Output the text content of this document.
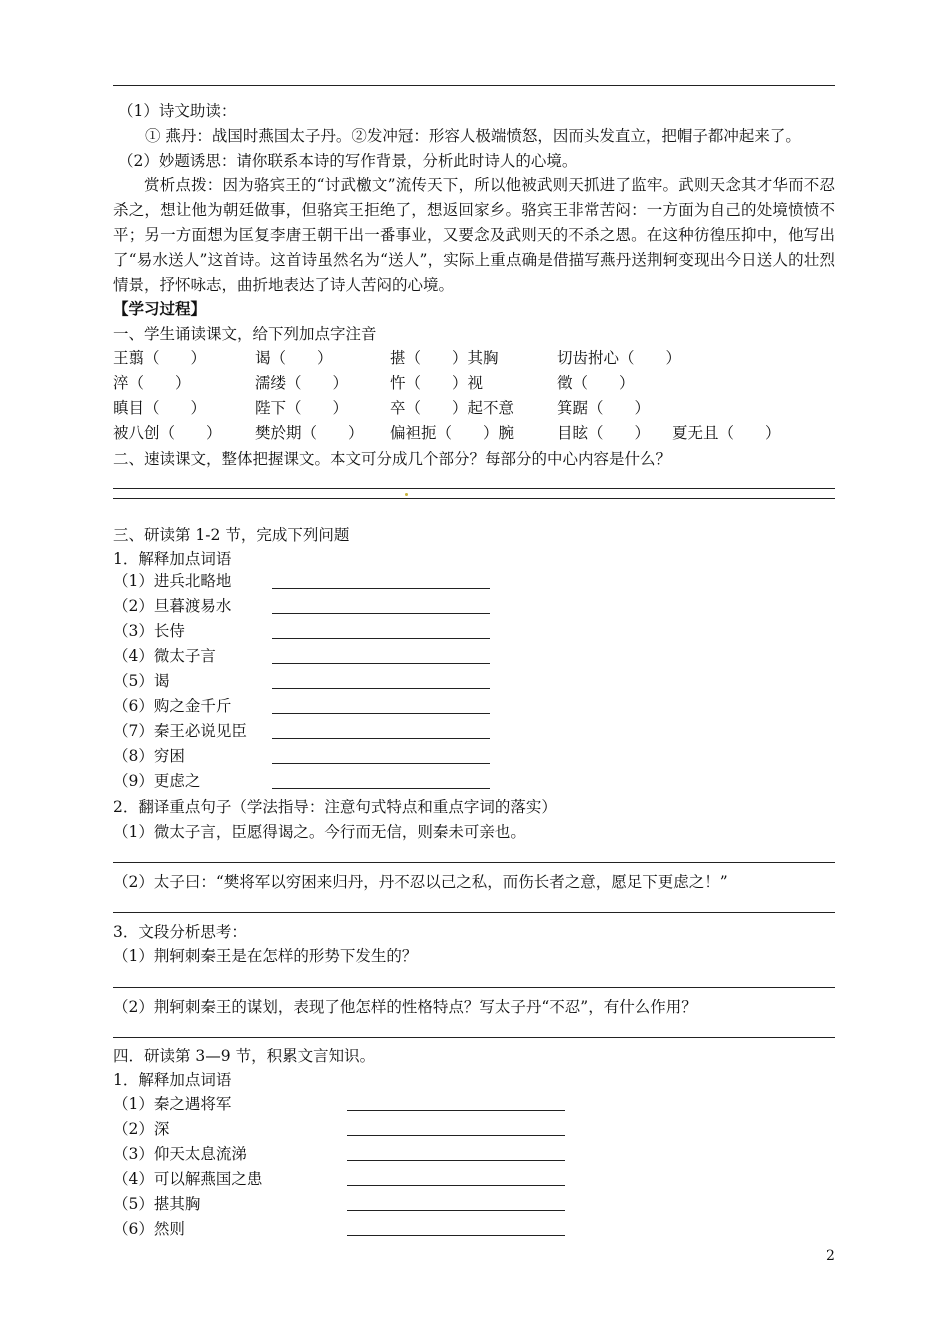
（1）诗文助读：
① 燕丹：战国时燕国太子丹。②发冲冠：形容人极端愤怒，因而头发直立，把帽子都冲起来了。
（2）妙题诱思：请你联系本诗的写作背景，分析此时诗人的心境。

赏析点拨：因为骆宾王的“讨武檄文”流传天下，所以他被武则天抓进了监牢。武则天念其才华而不忍杀之，想让他为朝廷做事，但骆宾王拒绝了，想返回家乡。骆宾王非常苦闷：一方面为自己的处境愤愤不平；另一方面想为匡复李唐王朝干出一番事业，又要念及武则天的不杀之恩。在这种彷徨压抑中，他写出了“易水送人”这首诗。这首诗虽然名为“送人”，实际上重点确是借描写燕丹送荆轲变现出今日送人的壮烈情景，抒怀咏志，曲折地表达了诗人苦闷的心境。

【学习过程】
一、学生诵读课文，给下列加点字注音
王翦（　　）	谒（　　）	揕（　　）其胸	切齿拊心（　　）
淬（　　）	濡缕（　　）	忤（　　）视	徵（　　）
瞋目（　　）	陛下（　　）	卒（　　）起不意	箕踞（　　）
被八创（　　） 樊於期（　　） 偏袒扼（　　）腕	目眩（　　） 夏无且（　　）
二、速读课文，整体把握课文。本文可分成几个部分？每部分的中心内容是什么？
三、研读第 1-2 节，完成下列问题
1．解释加点词语
（1）进兵北略地
（2）旦暮渡易水
（3）长侍
（4）微太子言
（5）谒
（6）购之金千斤
（7）秦王必说见臣
（8）穷困
（9）更虑之
2．翻译重点句子（学法指导：注意句式特点和重点字词的落实）
（1）微太子言，臣愿得谒之。今行而无信，则秦未可亲也。
（2）太子曰：“樊将军以穷困来归丹，丹不忍以己之私，而伤长者之意，愿足下更虑之！”
3．文段分析思考：
（1）荆轲刺秦王是在怎样的形势下发生的？
（2）荆轲刺秦王的谋划，表现了他怎样的性格特点？写太子丹“不忍”，有什么作用？
四．研读第 3—9 节，积累文言知识。
1．解释加点词语
（1）秦之遇将军
（2）深
（3）仰天太息流涕
（4）可以解燕国之患
（5）揕其胸
（6）然则
2
